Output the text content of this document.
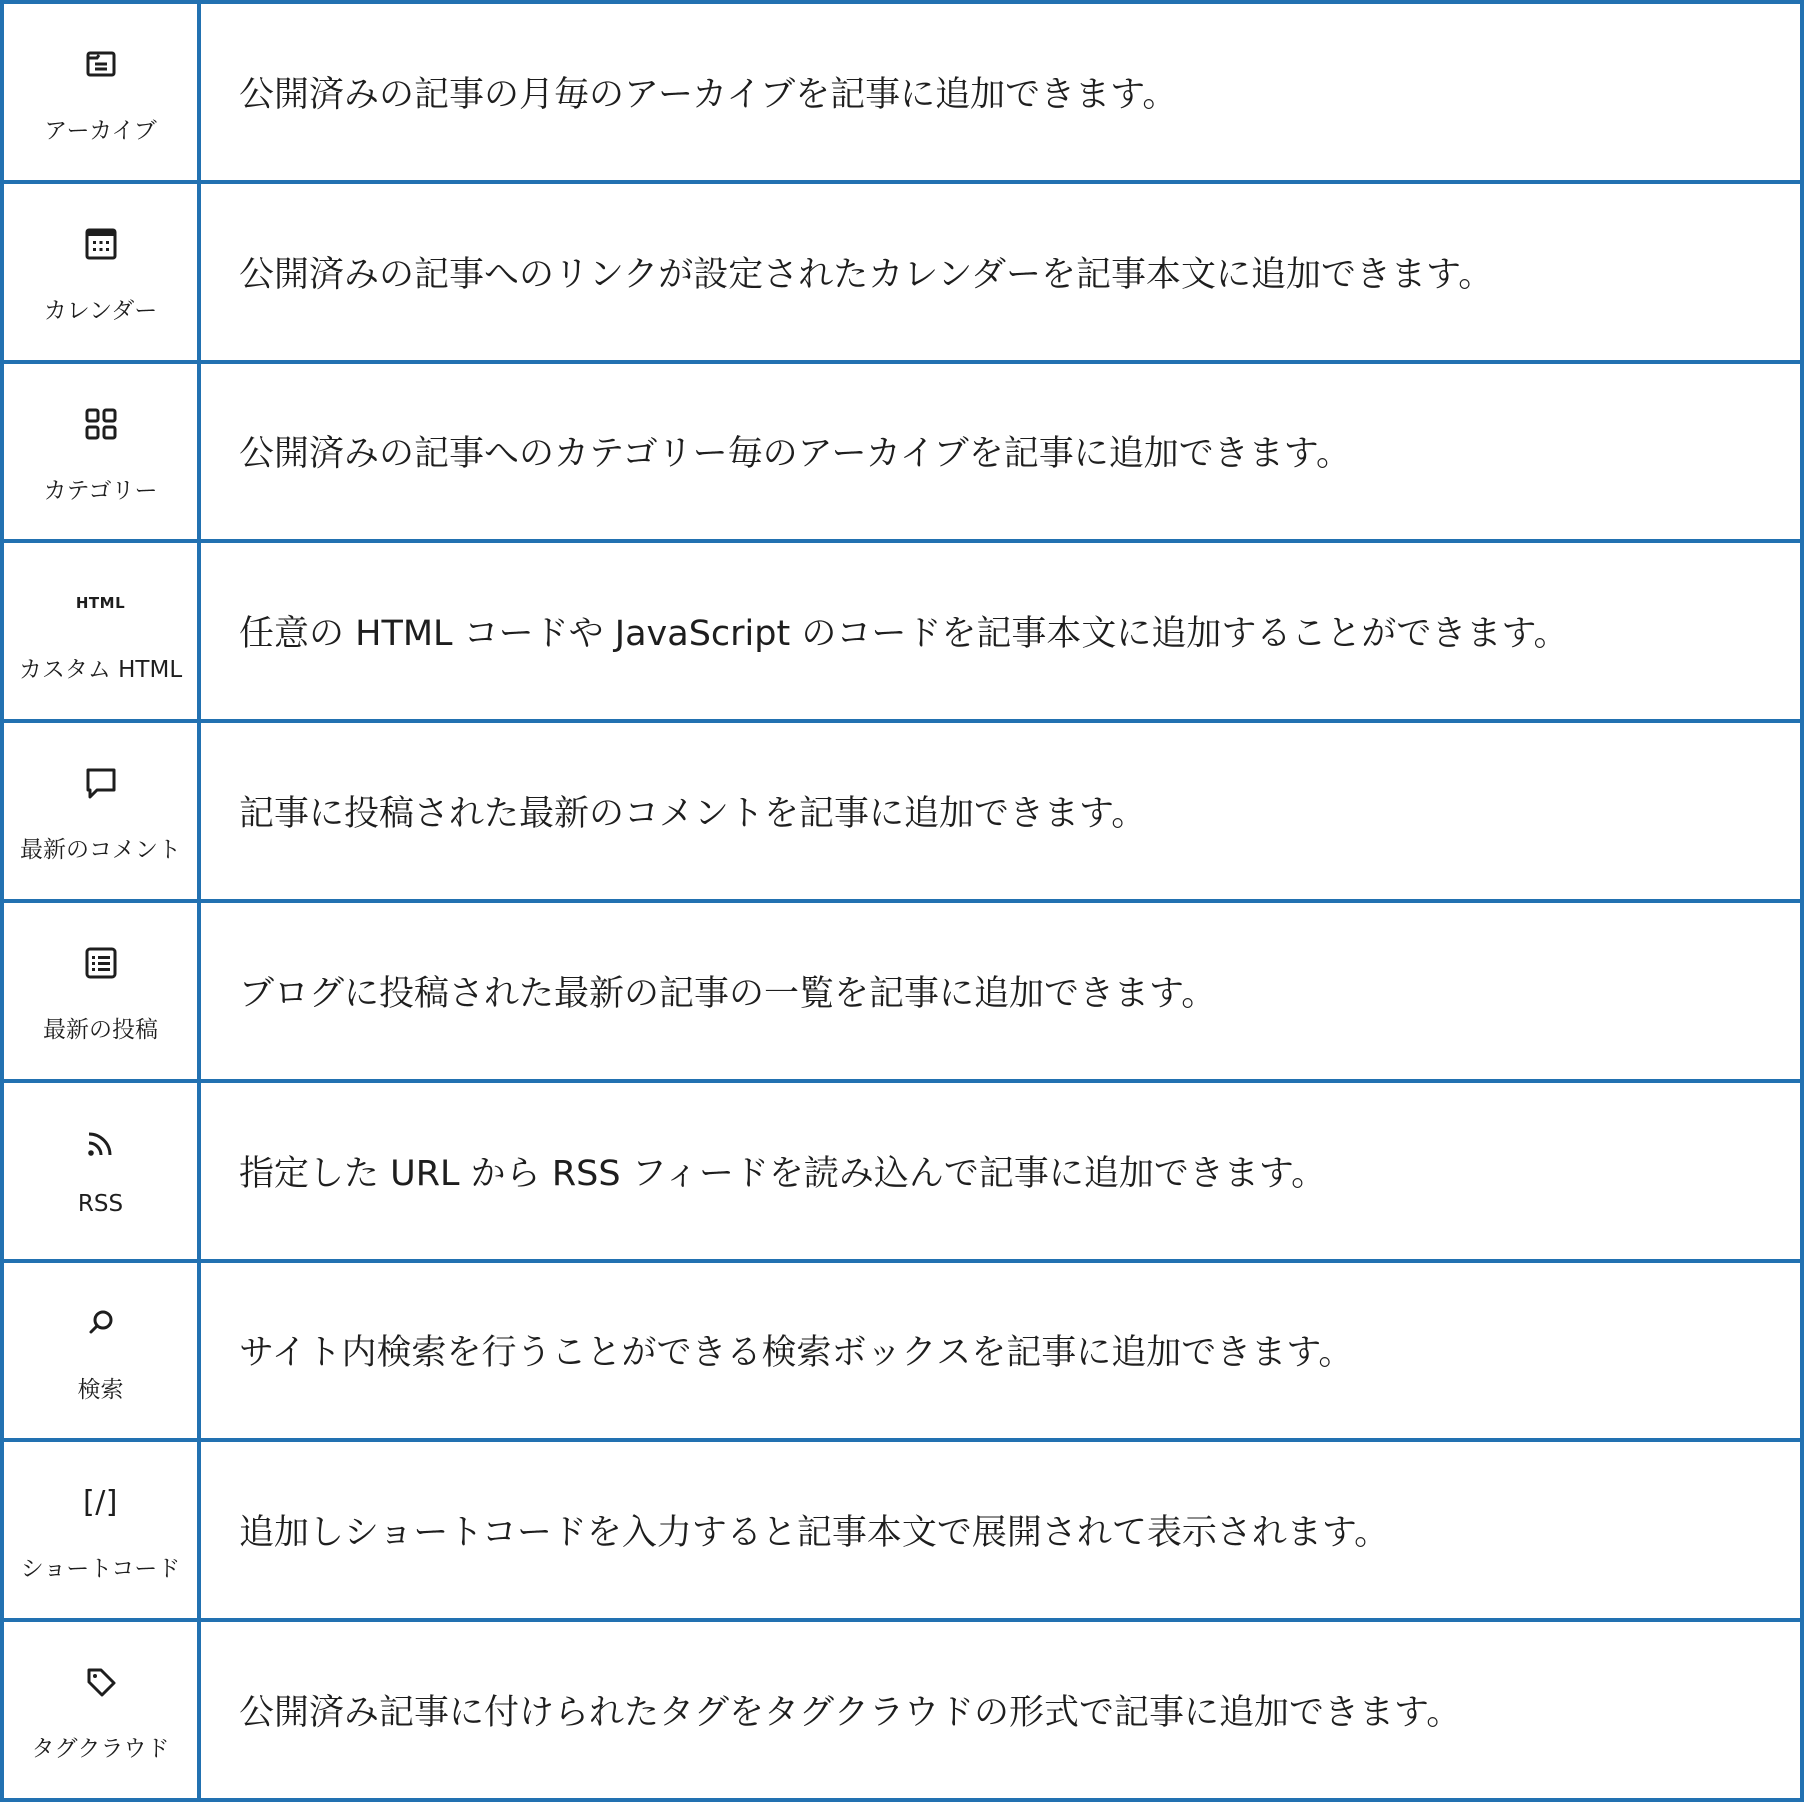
アーカイブ
公開済みの記事の月毎のアーカイブを記事に追加できます。
カレンダー
公開済みの記事へのリンクが設定されたカレンダーを記事本文に追加できます。
カテゴリー
公開済みの記事へのカテゴリー毎のアーカイブを記事に追加できます。
HTML
カスタム HTML
任意の HTML コードや JavaScript のコードを記事本文に追加することができます。
最新のコメント
記事に投稿された最新のコメントを記事に追加できます。
最新の投稿
ブログに投稿された最新の記事の一覧を記事に追加できます。
RSS
指定した URL から RSS フィードを読み込んで記事に追加できます。
検索
サイト内検索を行うことができる検索ボックスを記事に追加できます。
[/]
ショートコード
追加しショートコードを入力すると記事本文で展開されて表示されます。
タグクラウド
公開済み記事に付けられたタグをタグクラウドの形式で記事に追加できます。
